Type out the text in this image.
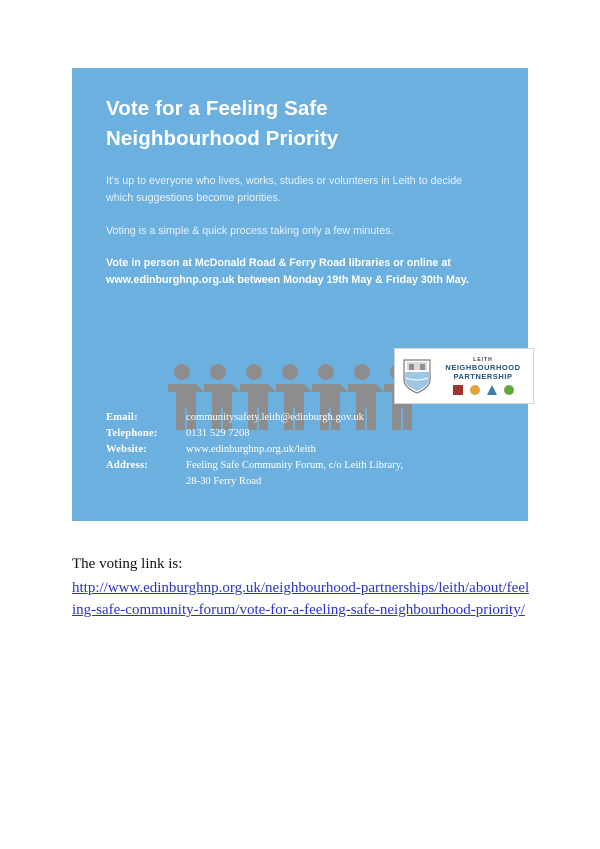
Vote for a Feeling Safe Neighbourhood Priority

It's up to everyone who lives, works, studies or volunteers in Leith to decide which suggestions become priorities.

Voting is a simple & quick process taking only a few minutes.

Vote in person at McDonald Road & Ferry Road libraries or online at www.edinburghnp.org.uk between Monday 19th May & Friday 30th May.

LEITH
NEIGHBOURHOOD
PARTNERSHIP
Email:	communitysafety.leith@edinburgh.gov.uk
Telephone:	0131 529 7208
Website:	www.edinburghnp.org.uk/leith
Address:	Feeling Safe Community Forum, c/o Leith Library,
28-30 Ferry Road
The voting link is:
http://www.edinburghnp.org.uk/neighbourhood-partnerships/leith/about/feeling-safe-community-forum/vote-for-a-feeling-safe-neighbourhood-priority/
